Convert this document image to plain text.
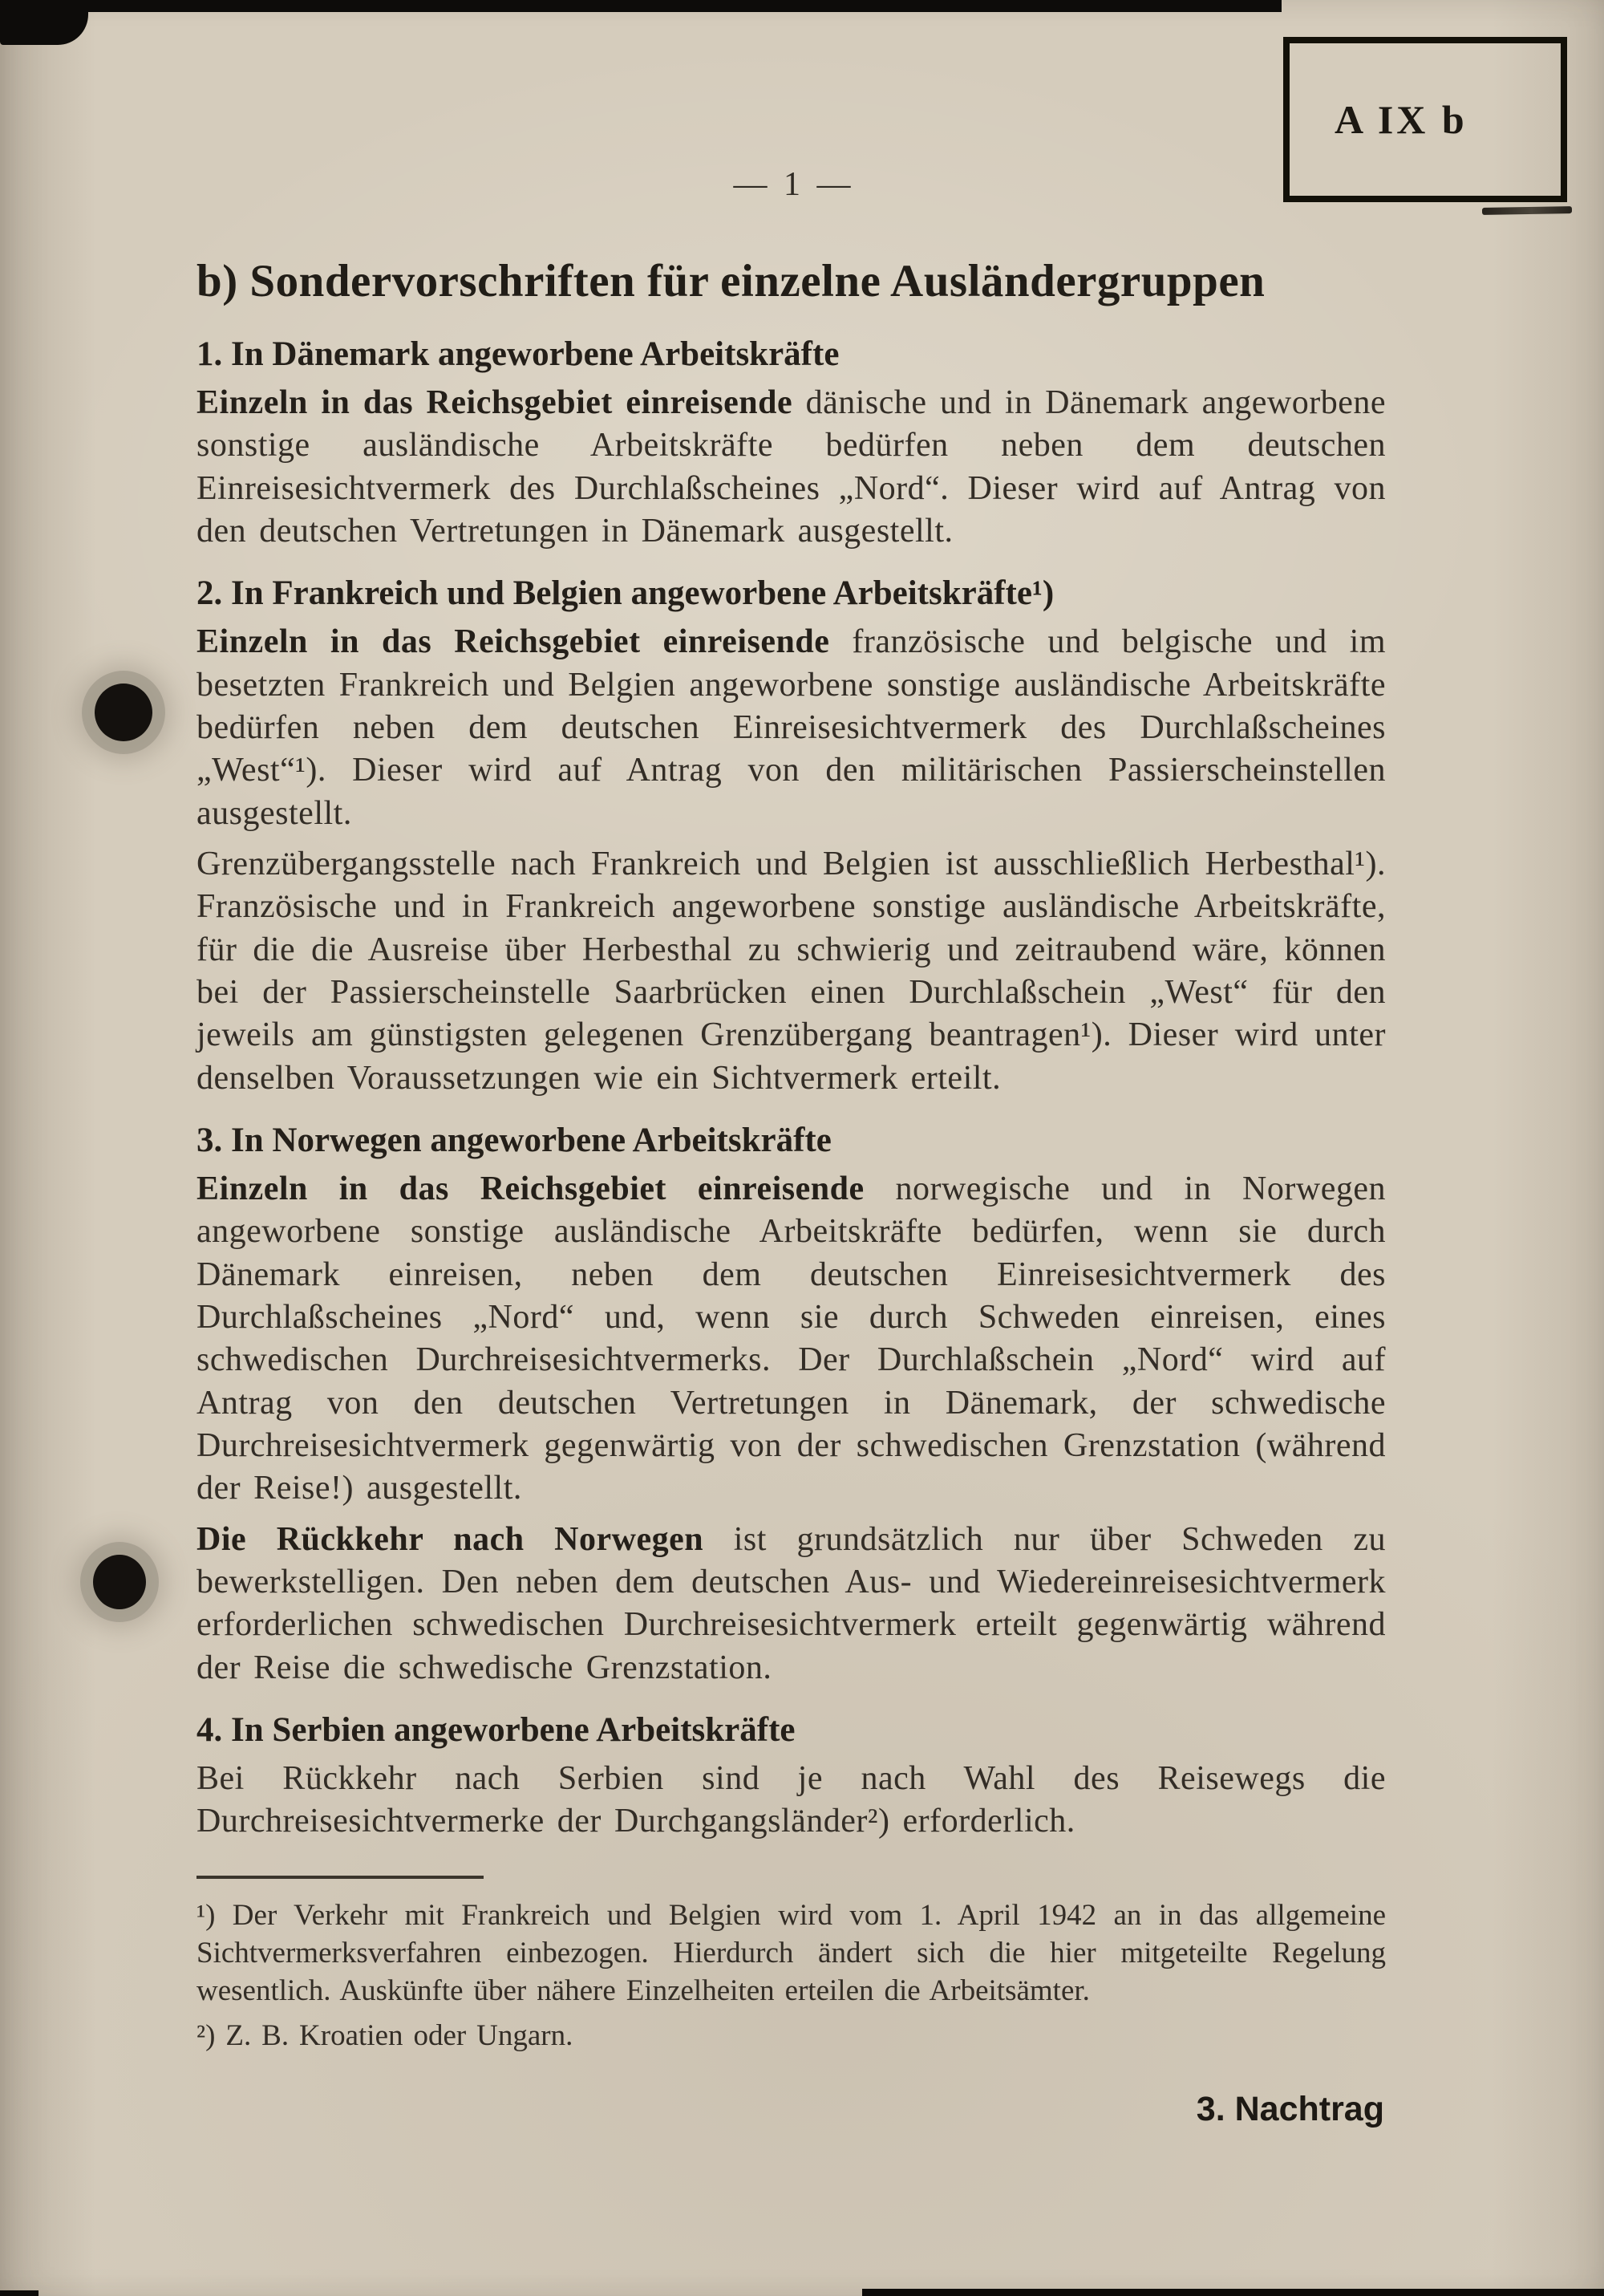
A IX b
— 1 —
b) Sondervorschriften für einzelne Ausländergruppen
1. In Dänemark angeworbene Arbeitskräfte

Einzeln in das Reichsgebiet einreisende dänische und in Dänemark angeworbene sonstige ausländische Arbeitskräfte bedürfen neben dem deutschen Einreisesichtvermerk des Durchlaßscheines „Nord“. Dieser wird auf Antrag von den deutschen Vertretungen in Dänemark ausgestellt.

2. In Frankreich und Belgien angeworbene Arbeitskräfte¹)

Einzeln in das Reichsgebiet einreisende französische und belgische und im besetzten Frankreich und Belgien angeworbene sonstige ausländische Arbeitskräfte bedürfen neben dem deutschen Einreisesichtvermerk des Durchlaßscheines „West“¹). Dieser wird auf Antrag von den militärischen Passierscheinstellen ausgestellt.

Grenzübergangsstelle nach Frankreich und Belgien ist ausschließlich Herbesthal¹). Französische und in Frankreich angeworbene sonstige ausländische Arbeitskräfte, für die die Ausreise über Herbesthal zu schwierig und zeitraubend wäre, können bei der Passierscheinstelle Saarbrücken einen Durchlaßschein „West“ für den jeweils am günstigsten gelegenen Grenzübergang beantragen¹). Dieser wird unter denselben Voraussetzungen wie ein Sichtvermerk erteilt.

3. In Norwegen angeworbene Arbeitskräfte

Einzeln in das Reichsgebiet einreisende norwegische und in Norwegen angeworbene sonstige ausländische Arbeitskräfte bedürfen, wenn sie durch Dänemark einreisen, neben dem deutschen Einreisesichtvermerk des Durchlaßscheines „Nord“ und, wenn sie durch Schweden einreisen, eines schwedischen Durchreisesichtvermerks. Der Durchlaßschein „Nord“ wird auf Antrag von den deutschen Vertretungen in Dänemark, der schwedische Durchreisesichtvermerk gegenwärtig von der schwedischen Grenzstation (während der Reise!) ausgestellt.

Die Rückkehr nach Norwegen ist grundsätzlich nur über Schweden zu bewerkstelligen. Den neben dem deutschen Aus- und Wiedereinreisesichtvermerk erforderlichen schwedischen Durchreisesichtvermerk erteilt gegenwärtig während der Reise die schwedische Grenzstation.

4. In Serbien angeworbene Arbeitskräfte

Bei Rückkehr nach Serbien sind je nach Wahl des Reisewegs die Durchreisesichtvermerke der Durchgangsländer²) erforderlich.

¹) Der Verkehr mit Frankreich und Belgien wird vom 1. April 1942 an in das allgemeine Sichtvermerksverfahren einbezogen. Hierdurch ändert sich die hier mitgeteilte Regelung wesentlich. Auskünfte über nähere Einzelheiten erteilen die Arbeitsämter.

²) Z. B. Kroatien oder Ungarn.

3. Nachtrag
